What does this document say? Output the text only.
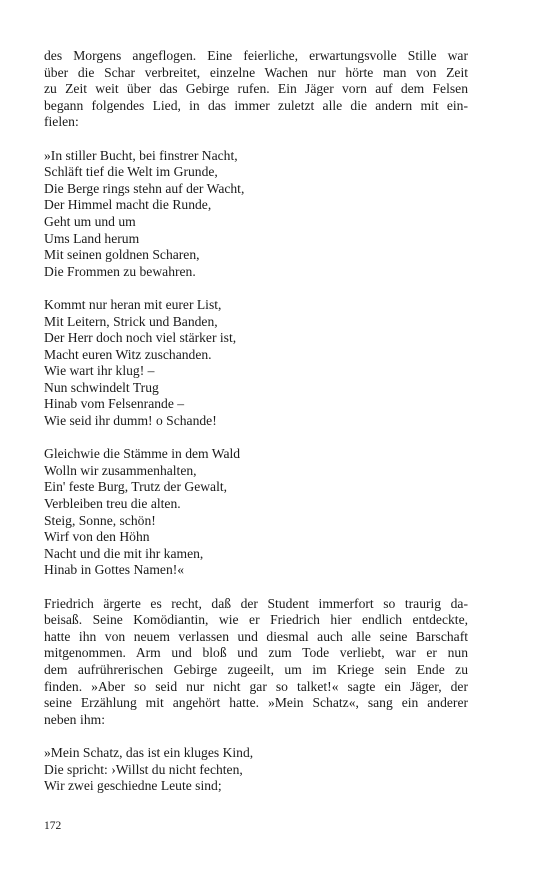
des Morgens angeflogen. Eine feierliche, erwartungsvolle Stille war
über die Schar verbreitet, einzelne Wachen nur hörte man von Zeit
zu Zeit weit über das Gebirge rufen. Ein Jäger vorn auf dem Felsen
begann folgendes Lied, in das immer zuletzt alle die andern mit ein-
fielen:

»In stiller Bucht, bei finstrer Nacht,
Schläft tief die Welt im Grunde,
Die Berge rings stehn auf der Wacht,
Der Himmel macht die Runde,
Geht um und um
Ums Land herum
Mit seinen goldnen Scharen,
Die Frommen zu bewahren.
Kommt nur heran mit eurer List,
Mit Leitern, Strick und Banden,
Der Herr doch noch viel stärker ist,
Macht euren Witz zuschanden.
Wie wart ihr klug! –
Nun schwindelt Trug
Hinab vom Felsenrande –
Wie seid ihr dumm! o Schande!
Gleichwie die Stämme in dem Wald
Wolln wir zusammenhalten,
Ein' feste Burg, Trutz der Gewalt,
Verbleiben treu die alten.
Steig, Sonne, schön!
Wirf von den Höhn
Nacht und die mit ihr kamen,
Hinab in Gottes Namen!«

Friedrich ärgerte es recht, daß der Student immerfort so traurig da-
beisaß. Seine Komödiantin, wie er Friedrich hier endlich entdeckte,
hatte ihn von neuem verlassen und diesmal auch alle seine Barschaft
mitgenommen. Arm und bloß und zum Tode verliebt, war er nun
dem aufrührerischen Gebirge zugeeilt, um im Kriege sein Ende zu
finden. »Aber so seid nur nicht gar so talket!« sagte ein Jäger, der
seine Erzählung mit angehört hatte. »Mein Schatz«, sang ein anderer
neben ihm:

»Mein Schatz, das ist ein kluges Kind,
Die spricht: ›Willst du nicht fechten,
Wir zwei geschiedne Leute sind;
172
